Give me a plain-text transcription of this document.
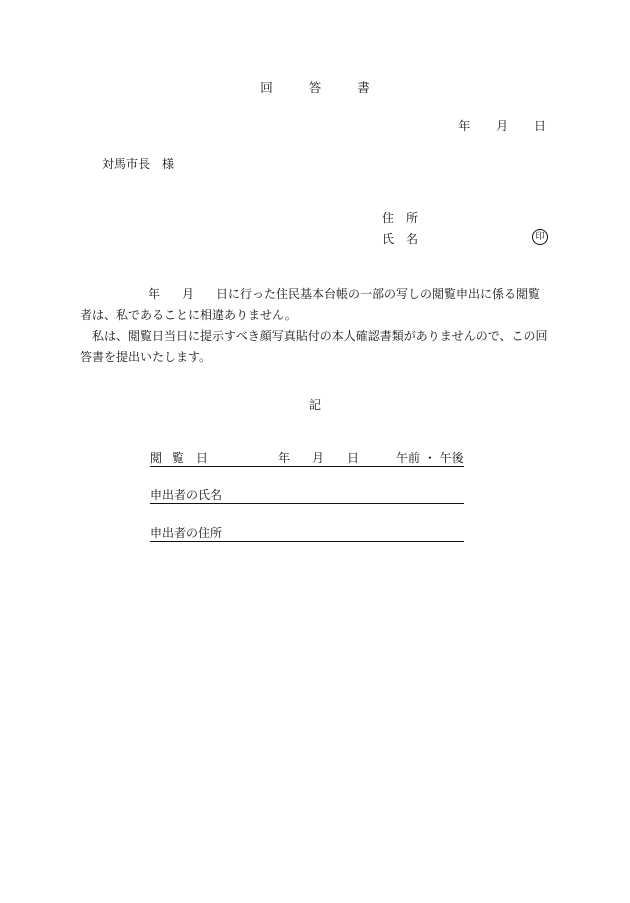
回	答	書
年 月 日
対馬市長 様
住 所
氏 名	印
年 月 日に行った住民基本台帳の一部の写しの閲覧申出に係る閲覧者は、私であることに相違ありません。
私は、閲覧日当日に提示すべき顔写真貼付の本人確認書類がありませんので、この回答書を提出いたします。
記
閲 覧 日	年 月 日	午前 ・ 午後
申出者の氏名
申出者の住所
